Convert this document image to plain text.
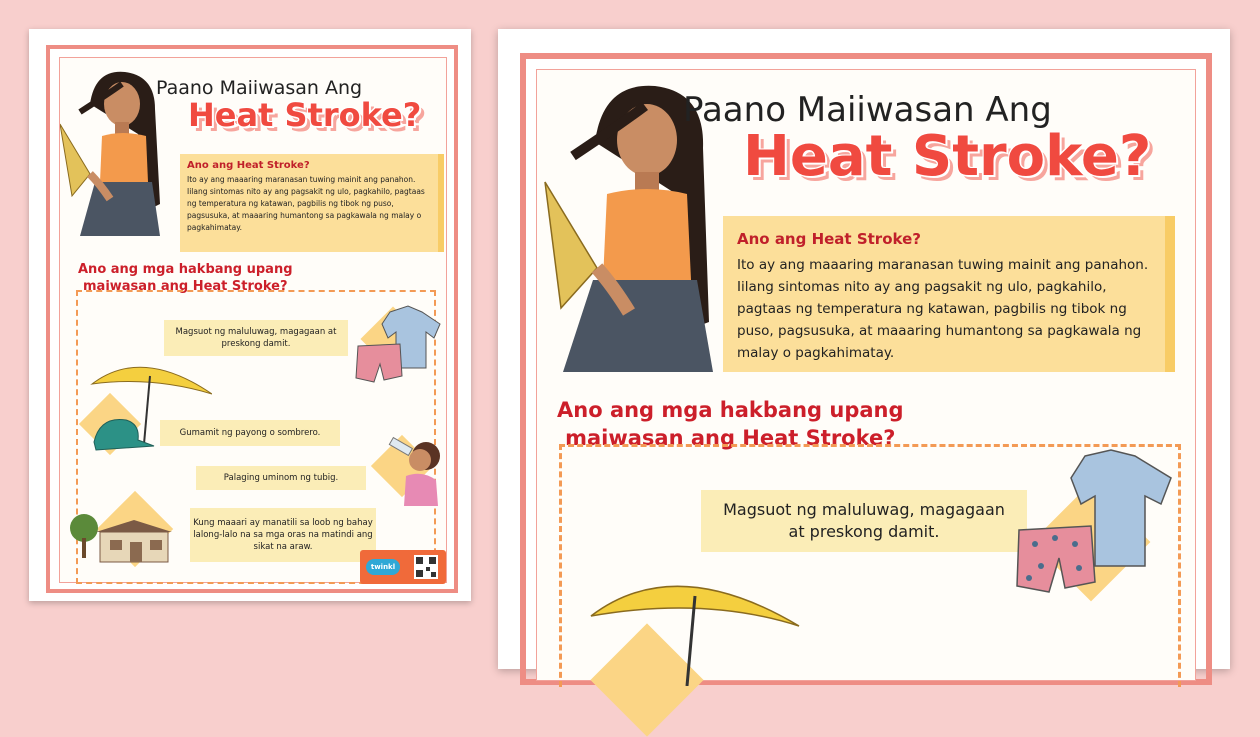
Paano Maiiwasan Ang
Heat Stroke?
Ano ang Heat Stroke?
Ito ay ang maaaring maranasan tuwing mainit ang panahon. Iilang sintomas nito ay ang pagsakit ng ulo, pagkahilo, pagtaas ng temperatura ng katawan, pagbilis ng tibok ng puso, pagsusuka, at maaaring humantong sa pagkawala ng malay o pagkahimatay.
Ano ang mga hakbang upang
maiwasan ang Heat Stroke?
Magsuot ng maluluwag, magagaan at preskong damit.
Gumamit ng payong o sombrero.
Palaging uminom ng tubig.
Kung maaari ay manatili sa loob ng bahay lalong-lalo na sa mga oras na matindi ang sikat na araw.
twinkl
Paano Maiiwasan Ang
Heat Stroke?
Ano ang Heat Stroke?
Ito ay ang maaaring maranasan tuwing mainit ang panahon. Iilang sintomas nito ay ang pagsakit ng ulo, pagkahilo, pagtaas ng temperatura ng katawan, pagbilis ng tibok ng puso, pagsusuka, at maaaring humantong sa pagkawala ng malay o pagkahimatay.
Ano ang mga hakbang upang
maiwasan ang Heat Stroke?
Magsuot ng maluluwag, magagaan
at preskong damit.
